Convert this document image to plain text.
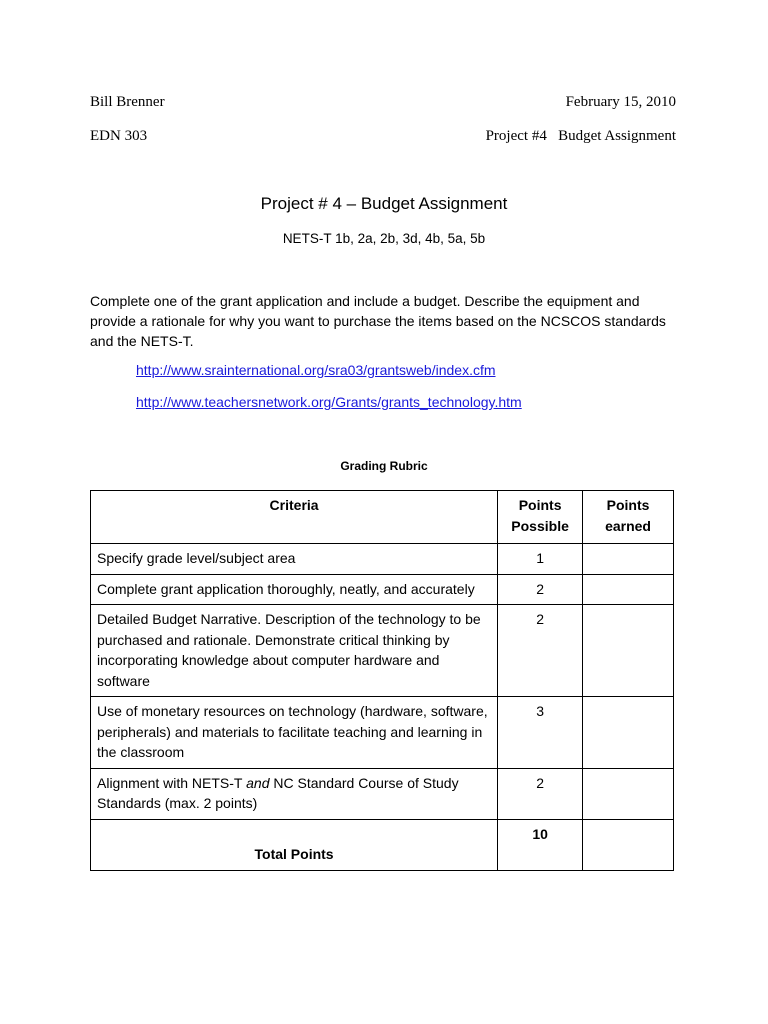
Bill Brenner	February 15, 2010
EDN 303	Project #4   Budget Assignment
Project # 4 – Budget Assignment
NETS-T 1b, 2a, 2b, 3d, 4b, 5a, 5b
Complete one of the grant application and include a budget. Describe the equipment and provide a rationale for why you want to purchase the items based on the NCSCOS standards and the NETS-T.
http://www.srainternational.org/sra03/grantsweb/index.cfm
http://www.teachersnetwork.org/Grants/grants_technology.htm
Grading Rubric
Criteria	Points Possible	Points earned
Specify grade level/subject area	1	
Complete grant application thoroughly, neatly, and accurately	2	
Detailed Budget Narrative. Description of the technology to be purchased and rationale. Demonstrate critical thinking by incorporating knowledge about computer hardware and software	2	
Use of monetary resources on technology (hardware, software, peripherals) and materials to facilitate teaching and learning in the classroom	3	
Alignment with NETS-T and NC Standard Course of Study Standards (max. 2 points)	2	
Total Points	10	
